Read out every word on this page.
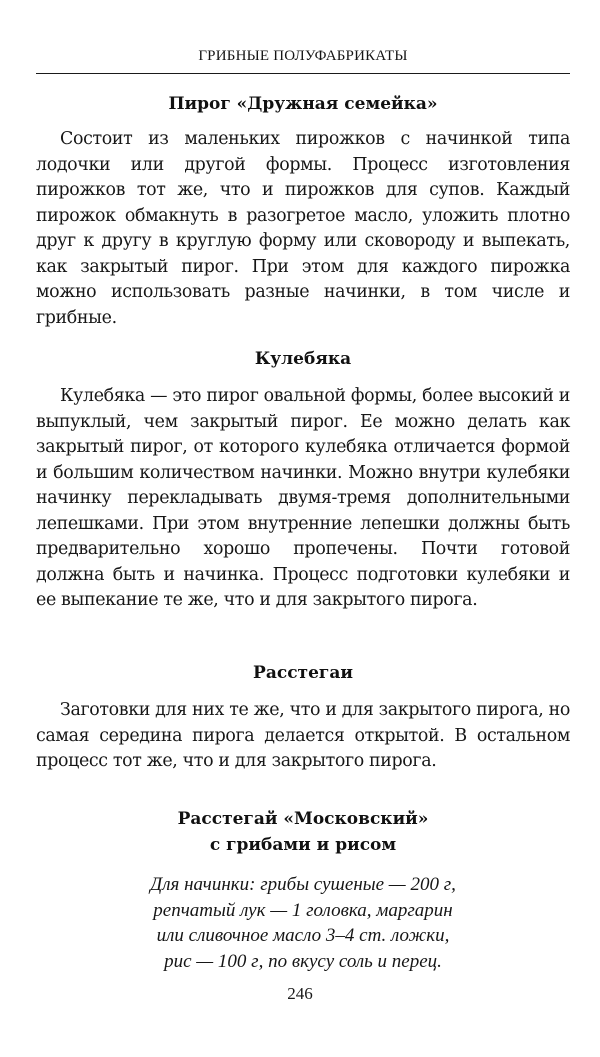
ГРИБНЫЕ ПОЛУФАБРИКАТЫ
Пирог «Дружная семейка»

Состоит из маленьких пирожков с начинкой типа лодочки или другой формы. Процесс изготовления пирожков тот же, что и пирожков для супов. Каждый пирожок обмакнуть в разогретое масло, уложить плотно друг к другу в круглую форму или сковороду и выпекать, как закрытый пирог. При этом для каждого пирожка можно использовать разные начинки, в том числе и грибные.

Кулебяка

Кулебяка — это пирог овальной формы, более высокий и выпуклый, чем закрытый пирог. Ее можно делать как закрытый пирог, от которого кулебяка отличается формой и большим количеством начинки. Можно внутри кулебяки начинку перекладывать двумя-тремя дополнительными лепешками. При этом внутренние лепешки должны быть предварительно хорошо пропечены. Почти готовой должна быть и начинка. Процесс подготовки кулебяки и ее выпекание те же, что и для закрытого пирога.

Расстегаи

Заготовки для них те же, что и для закрытого пирога, но самая середина пирога делается открытой. В остальном процесс тот же, что и для закрытого пирога.

Расстегай «Московский»
с грибами и рисом
Для начинки: грибы сушеные — 200 г,
репчатый лук — 1 головка, маргарин
или сливочное масло 3–4 ст. ложки,
рис — 100 г, по вкусу соль и перец.
246
